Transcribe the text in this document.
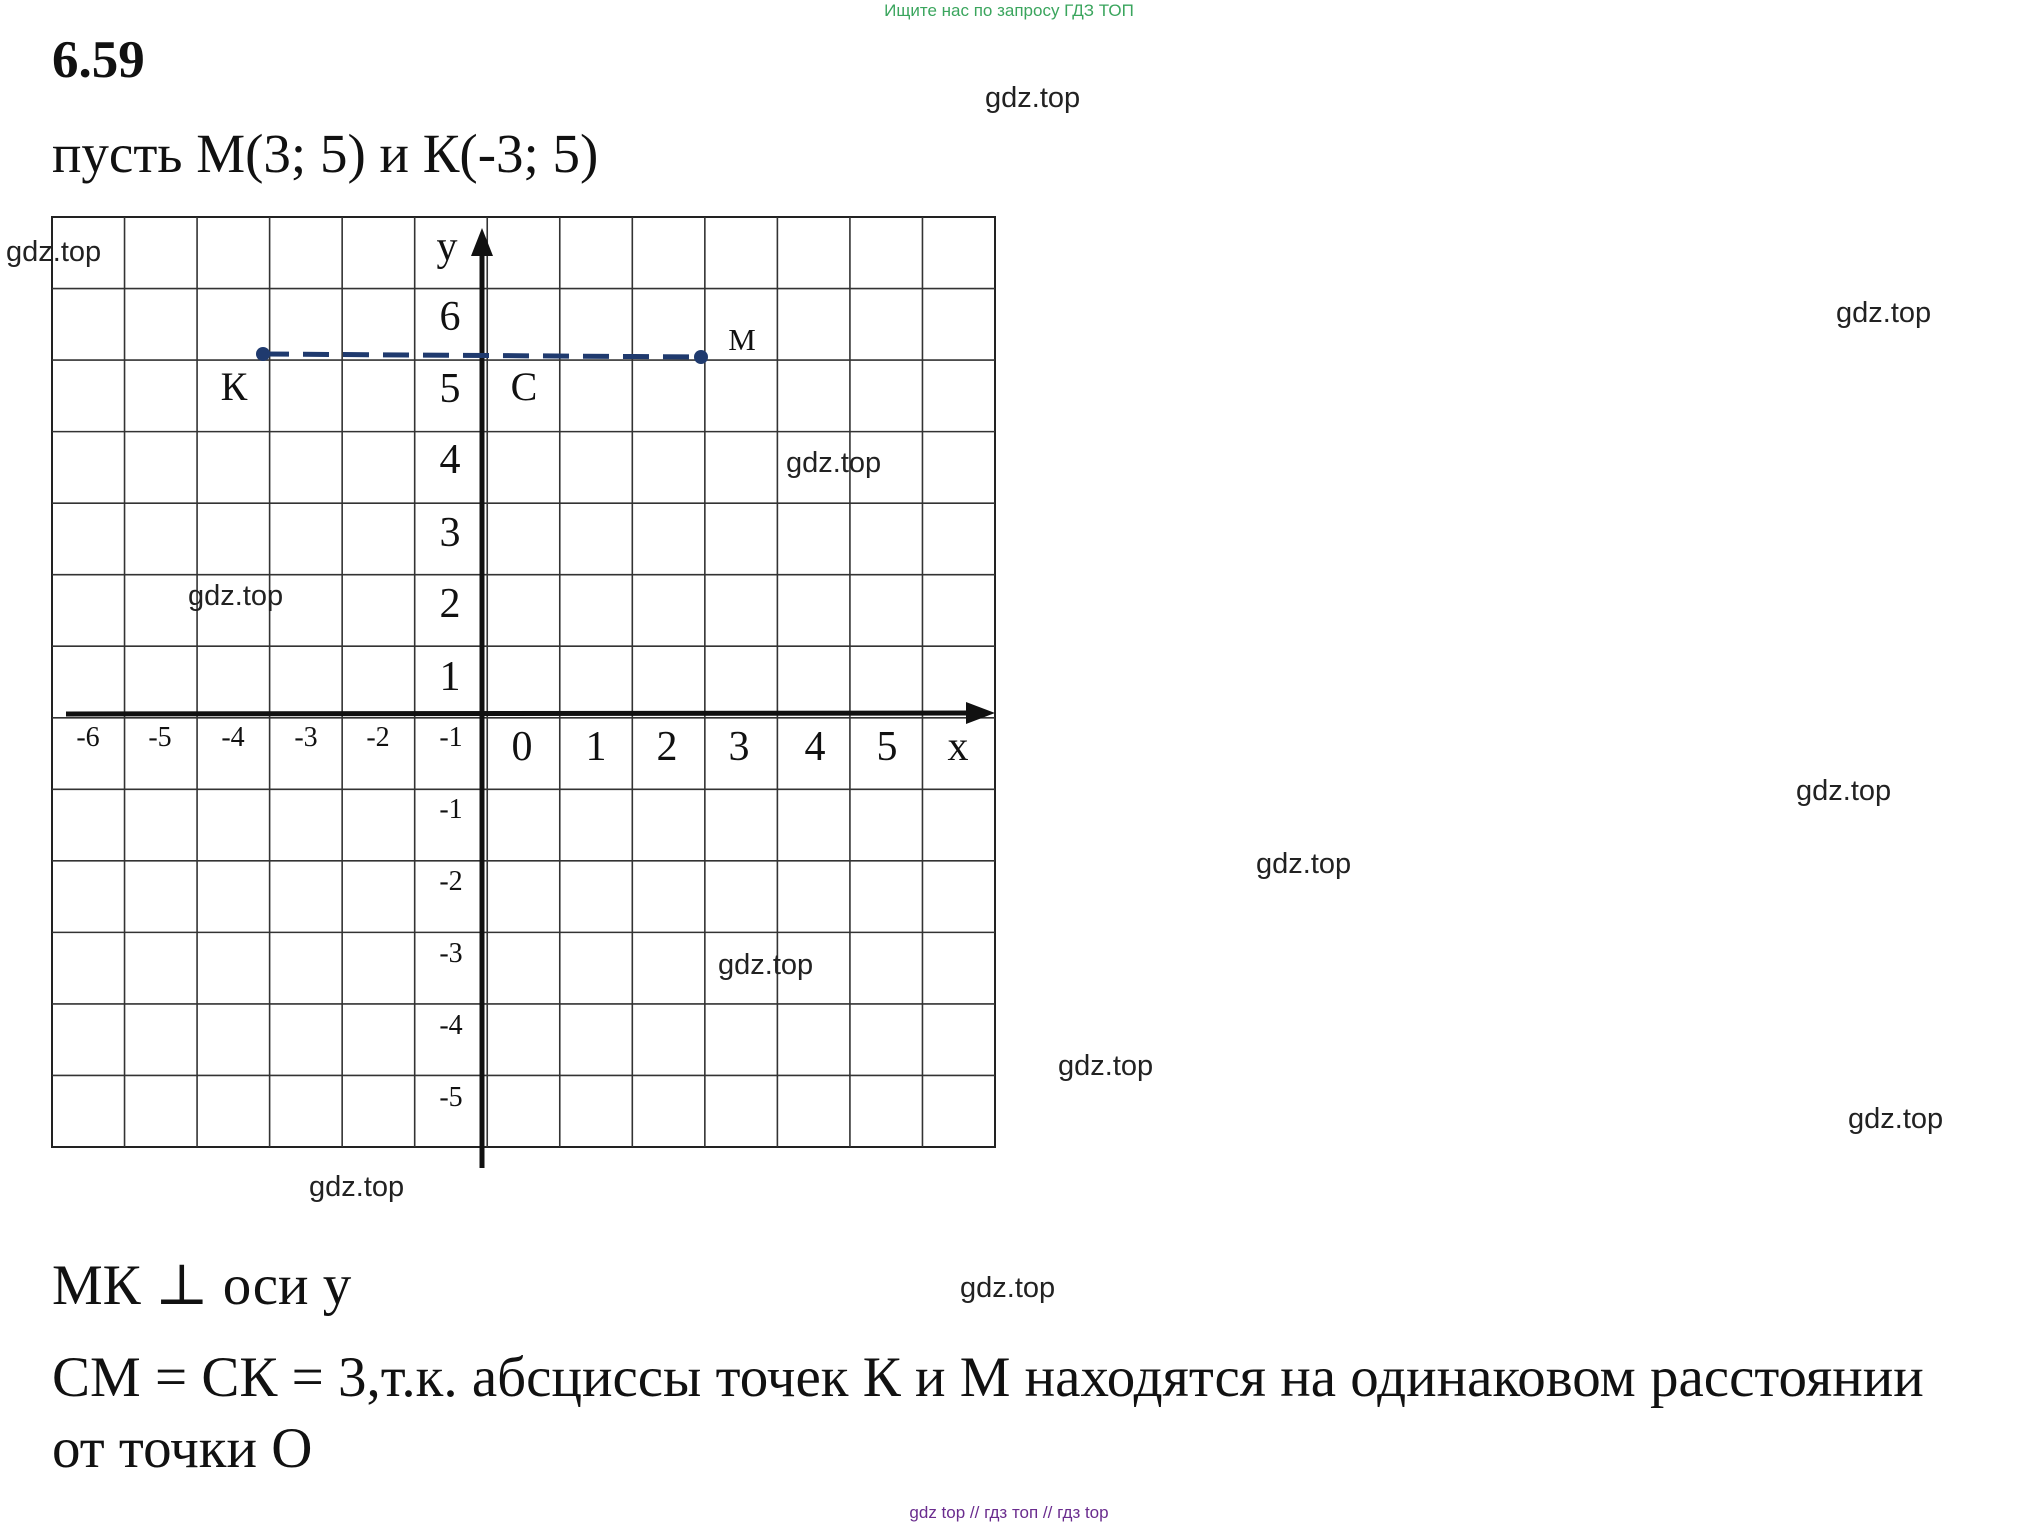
Ищите нас по запросу ГДЗ ТОП
6.59
пусть М(3; 5) и К(-3; 5)
x
y
М
К	С
-6 -5 -4 -3 -2 -1 0 1 2 3 4 5
6
5
4
3
2
1
-1
-2
-3
-4
-5
gdz.top
gdz.top
gdz.top
gdz.top
gdz.top
gdz.top
gdz.top
gdz.top
gdz.top
gdz.top
gdz.top
gdz.top
МК ⊥ оси у
СМ = СК = 3,т.к. абсциссы точек К и М находятся на одинаковом расстоянии
от точки О
gdz top // гдз топ // гдз top
